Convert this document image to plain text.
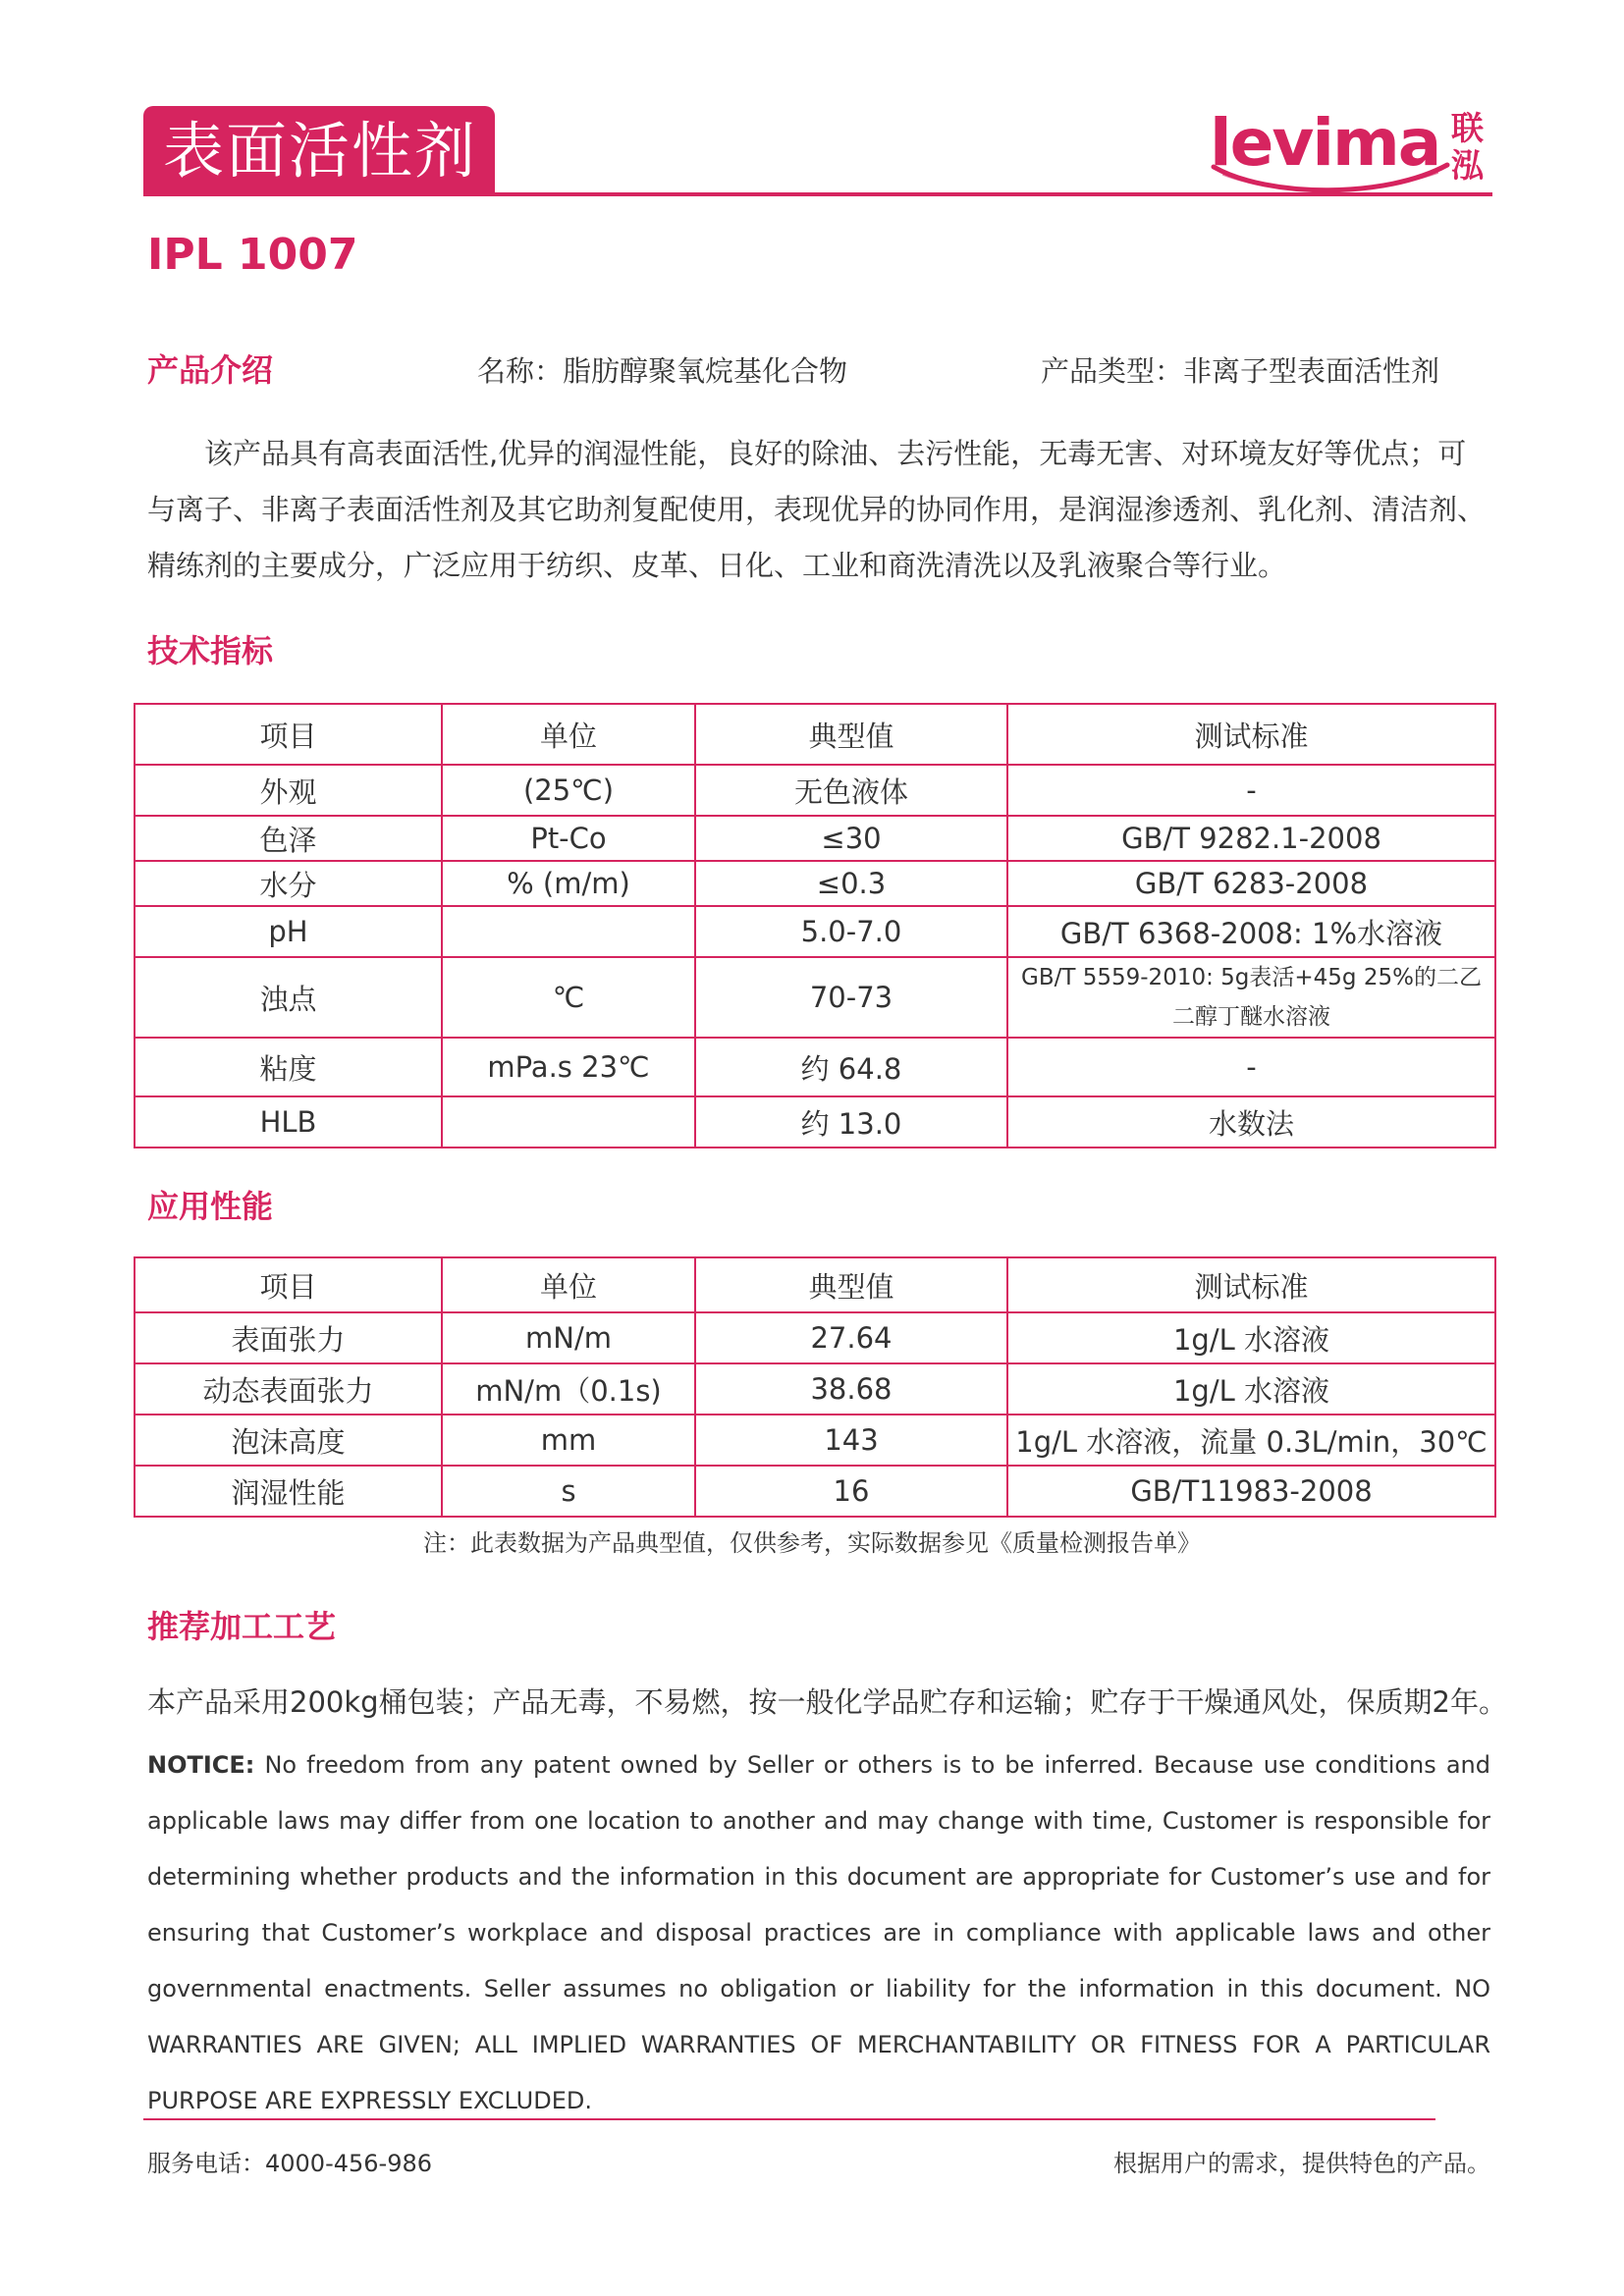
表面活性剂	levima 联
泓
IPL 1007
产品介绍	名称：脂肪醇聚氧烷基化合物	产品类型：非离子型表面活性剂

该产品具有高表面活性,优异的润湿性能，良好的除油、去污性能，无毒无害、对环境友好等优点；可与离子、非离子表面活性剂及其它助剂复配使用，表现优异的协同作用，是润湿渗透剂、乳化剂、清洁剂、精练剂的主要成分，广泛应用于纺织、皮革、日化、工业和商洗清洗以及乳液聚合等行业。

技术指标
项目	单位	典型值	测试标准
外观	(25℃)	无色液体	-
色泽	Pt-Co	≤30	GB/T 9282.1-2008
水分	% (m/m)	≤0.3	GB/T 6283-2008
pH		5.0-7.0	GB/T 6368-2008: 1%水溶液
浊点	℃	70-73	GB/T 5559-2010: 5g表活+45g 25%的二乙二醇丁醚水溶液
粘度	mPa.s 23℃	约 64.8	-
HLB		约 13.0	水数法
应用性能
项目	单位	典型值	测试标准
表面张力	mN/m	27.64	1g/L 水溶液
动态表面张力	mN/m（0.1s)	38.68	1g/L 水溶液
泡沫高度	mm	143	1g/L 水溶液，流量 0.3L/min，30℃
润湿性能	s	16	GB/T11983-2008
注：此表数据为产品典型值，仅供参考，实际数据参见《质量检测报告单》
推荐加工工艺
本产品采用200kg桶包装；产品无毒，不易燃，按一般化学品贮存和运输；贮存于干燥通风处，保质期2年。

NOTICE: No freedom from any patent owned by Seller or others is to be inferred. Because use conditions and applicable laws may differ from one location to another and may change with time, Customer is responsible for determining whether products and the information in this document are appropriate for Customer’s use and for ensuring that Customer’s workplace and disposal practices are in compliance with applicable laws and other governmental enactments. Seller assumes no obligation or liability for the information in this document. NO WARRANTIES ARE GIVEN; ALL IMPLIED WARRANTIES OF MERCHANTABILITY OR FITNESS FOR A PARTICULAR PURPOSE ARE EXPRESSLY EXCLUDED.

服务电话：4000-456-986	根据用户的需求，提供特色的产品。
